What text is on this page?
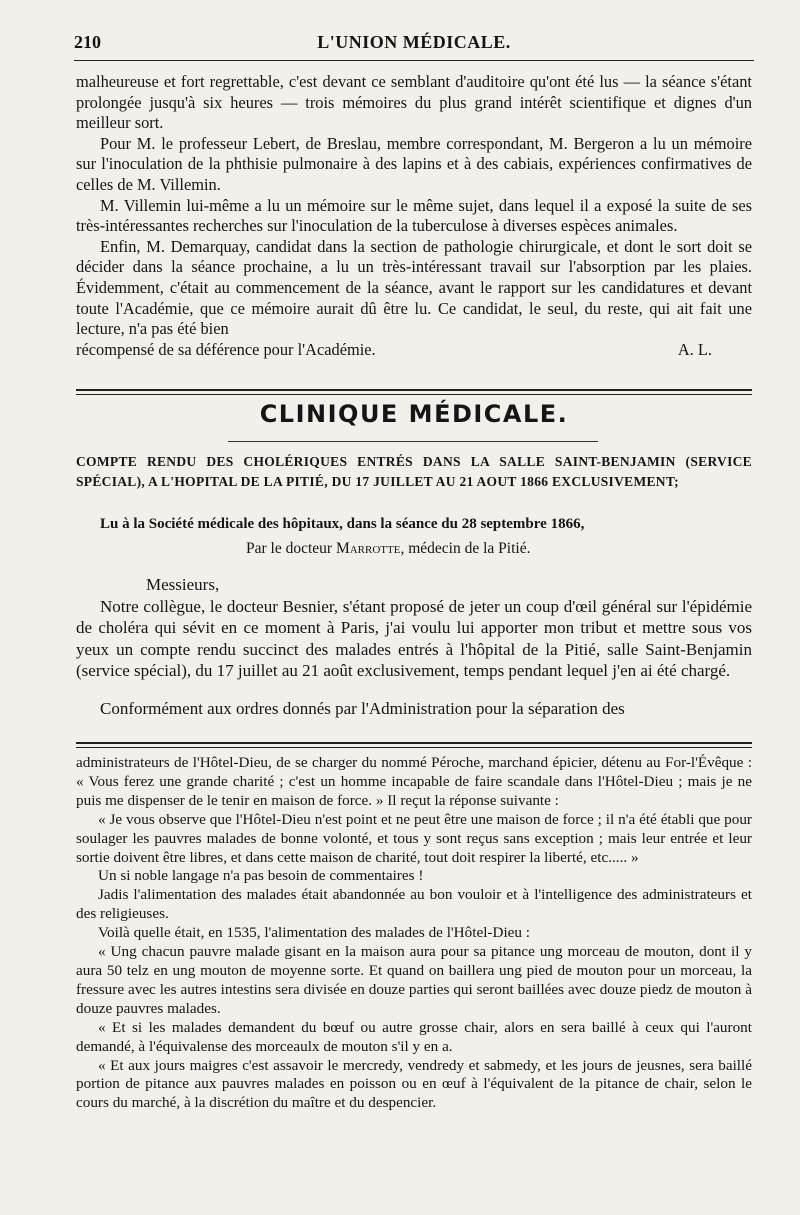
210	L'UNION MÉDICALE.

malheureuse et fort regrettable, c'est devant ce semblant d'auditoire qu'ont été lus — la séance s'étant prolongée jusqu'à six heures — trois mémoires du plus grand intérêt scientifique et dignes d'un meilleur sort.

Pour M. le professeur Lebert, de Breslau, membre correspondant, M. Bergeron a lu un mémoire sur l'inoculation de la phthisie pulmonaire à des lapins et à des cabiais, expériences confirmatives de celles de M. Villemin.

M. Villemin lui-même a lu un mémoire sur le même sujet, dans lequel il a exposé la suite de ses très-intéressantes recherches sur l'inoculation de la tuberculose à diverses espèces animales.

Enfin, M. Demarquay, candidat dans la section de pathologie chirurgicale, et dont le sort doit se décider dans la séance prochaine, a lu un très-intéressant travail sur l'absorption par les plaies. Évidemment, c'était au commencement de la séance, avant le rapport sur les candidatures et devant toute l'Académie, que ce mémoire aurait dû être lu. Ce candidat, le seul, du reste, qui ait fait une lecture, n'a pas été bien

récompensé de sa déférence pour l'Académie.	A. L.
CLINIQUE MÉDICALE.
COMPTE RENDU DES CHOLÉRIQUES ENTRÉS DANS LA SALLE SAINT-BENJAMIN (SERVICE SPÉCIAL), A L'HOPITAL DE LA PITIÉ, DU 17 JUILLET AU 21 AOUT 1866 EXCLUSIVEMENT;
Lu à la Société médicale des hôpitaux, dans la séance du 28 septembre 1866,
Par le docteur Marrotte, médecin de la Pitié.

Messieurs,

Notre collègue, le docteur Besnier, s'étant proposé de jeter un coup d'œil général sur l'épidémie de choléra qui sévit en ce moment à Paris, j'ai voulu lui apporter mon tribut et mettre sous vos yeux un compte rendu succinct des malades entrés à l'hôpital de la Pitié, salle Saint-Benjamin (service spécial), du 17 juillet au 21 août exclusivement, temps pendant lequel j'en ai été chargé.

Conformément aux ordres donnés par l'Administration pour la séparation des

administrateurs de l'Hôtel-Dieu, de se charger du nommé Péroche, marchand épicier, détenu au For-l'Évêque : « Vous ferez une grande charité ; c'est un homme incapable de faire scandale dans l'Hôtel-Dieu ; mais je ne puis me dispenser de le tenir en maison de force. » Il reçut la réponse suivante :

« Je vous observe que l'Hôtel-Dieu n'est point et ne peut être une maison de force ; il n'a été établi que pour soulager les pauvres malades de bonne volonté, et tous y sont reçus sans exception ; mais leur entrée et leur sortie doivent être libres, et dans cette maison de charité, tout doit respirer la liberté, etc..... »

Un si noble langage n'a pas besoin de commentaires !

Jadis l'alimentation des malades était abandonnée au bon vouloir et à l'intelligence des administrateurs et des religieuses.

Voilà quelle était, en 1535, l'alimentation des malades de l'Hôtel-Dieu :

« Ung chacun pauvre malade gisant en la maison aura pour sa pitance ung morceau de mouton, dont il y aura 50 telz en ung mouton de moyenne sorte. Et quand on baillera ung pied de mouton pour un morceau, la fressure avec les autres intestins sera divisée en douze parties qui seront baillées avec douze piedz de mouton à douze pauvres malades.

« Et si les malades demandent du bœuf ou autre grosse chair, alors en sera baillé à ceux qui l'auront demandé, à l'équivalense des morceaulx de mouton s'il y en a.

« Et aux jours maigres c'est assavoir le mercredy, vendredy et sabmedy, et les jours de jeusnes, sera baillé portion de pitance aux pauvres malades en poisson ou en œuf à l'équivalent de la pitance de chair, selon le cours du marché, à la discrétion du maître et du despencier.
